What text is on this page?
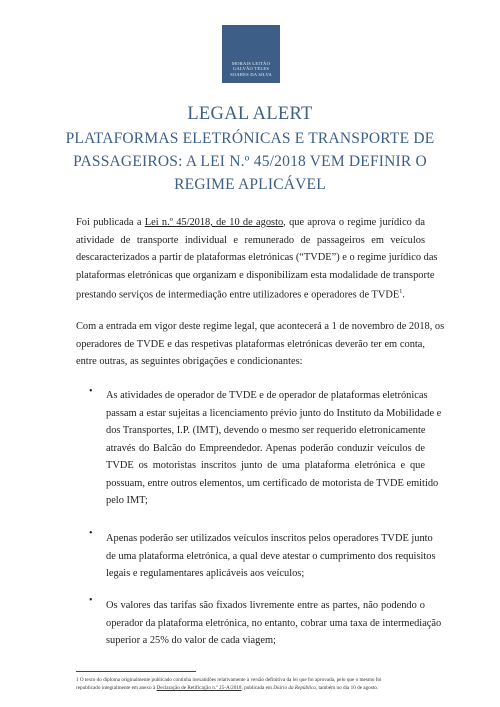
MORAIS LEITÃO
GALVÃO TELES
SOARES DA SILVA
LEGAL ALERT
PLATAFORMAS ELETRÓNICAS E TRANSPORTE DE
PASSAGEIROS: A LEI N.º 45/2018 VEM DEFINIR O
REGIME APLICÁVEL
Foi publicada a Lei n.º 45/2018, de 10 de agosto, que aprova o regime jurídico da
atividade de transporte individual e remunerado de passageiros em veículos
descaracterizados a partir de plataformas eletrónicas (“TVDE”) e o regime jurídico das
plataformas eletrónicas que organizam e disponibilizam esta modalidade de transporte
prestando serviços de intermediação entre utilizadores e operadores de TVDE$^1$.
Com a entrada em vigor deste regime legal, que acontecerá a 1 de novembro de 2018, os
operadores de TVDE e das respetivas plataformas eletrónicas deverão ter em conta,
entre outras, as seguintes obrigações e condicionantes:
• As atividades de operador de TVDE e de operador de plataformas eletrónicas
passam a estar sujeitas a licenciamento prévio junto do Instituto da Mobilidade e
dos Transportes, I.P. (IMT), devendo o mesmo ser requerido eletronicamente
através do Balcão do Empreendedor. Apenas poderão conduzir veículos de
TVDE os motoristas inscritos junto de uma plataforma eletrónica e que
possuam, entre outros elementos, um certificado de motorista de TVDE emitido
pelo IMT;
• Apenas poderão ser utilizados veículos inscritos pelos operadores TVDE junto
de uma plataforma eletrónica, a qual deve atestar o cumprimento dos requisitos
legais e regulamentares aplicáveis aos veículos;
• Os valores das tarifas são fixados livremente entre as partes, não podendo o
operador da plataforma eletrónica, no entanto, cobrar uma taxa de intermediação
superior a 25% do valor de cada viagem;
1 O texto do diploma originalmente publicado continha inexatidões relativamente à versão definitiva da lei que foi aprovada, pelo que o mesmo foi
republicado integralmente em anexo à Declaração de Retificação n.º 25-A/2018, publicada em Diário da República, também no dia 10 de agosto.
